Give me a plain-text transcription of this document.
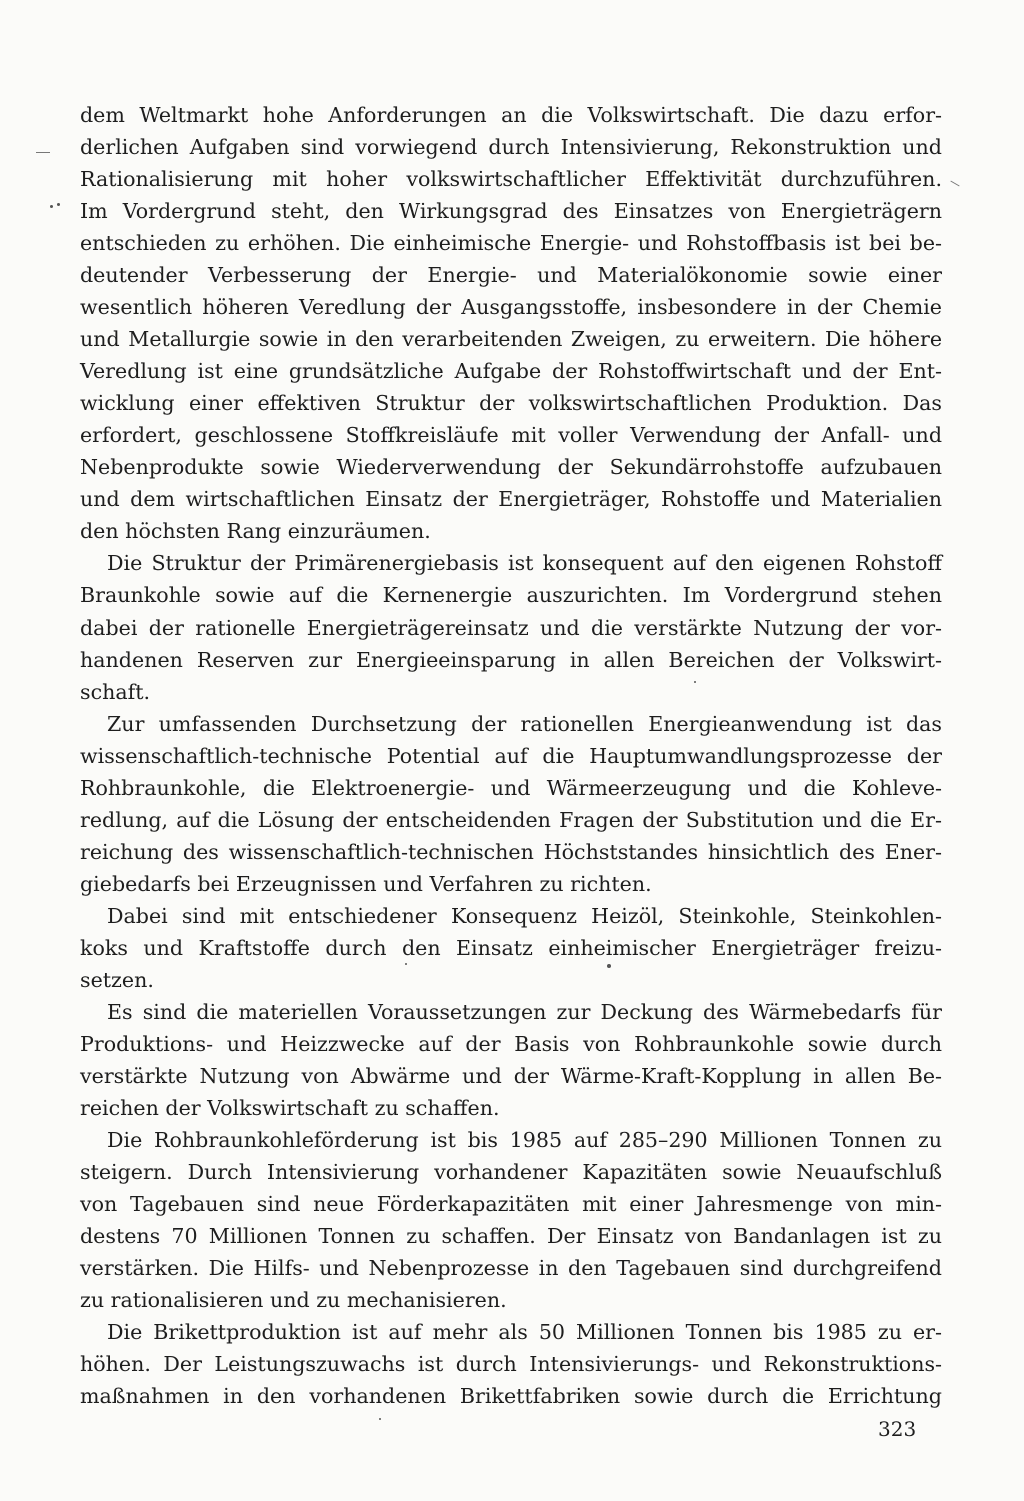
dem Weltmarkt hohe Anforderungen an die Volkswirtschaft. Die dazu erfor-
derlichen Aufgaben sind vorwiegend durch Intensivierung, Rekonstruktion und
Rationalisierung mit hoher volkswirtschaftlicher Effektivität durchzuführen.
Im Vordergrund steht, den Wirkungsgrad des Einsatzes von Energieträgern
entschieden zu erhöhen. Die einheimische Energie- und Rohstoffbasis ist bei be-
deutender Verbesserung der Energie- und Materialökonomie sowie einer
wesentlich höheren Veredlung der Ausgangsstoffe, insbesondere in der Chemie
und Metallurgie sowie in den verarbeitenden Zweigen, zu erweitern. Die höhere
Veredlung ist eine grundsätzliche Aufgabe der Rohstoffwirtschaft und der Ent-
wicklung einer effektiven Struktur der volkswirtschaftlichen Produktion. Das
erfordert, geschlossene Stoffkreisläufe mit voller Verwendung der Anfall- und
Nebenprodukte sowie Wiederverwendung der Sekundärrohstoffe aufzubauen
und dem wirtschaftlichen Einsatz der Energieträger, Rohstoffe und Materialien
den höchsten Rang einzuräumen.
Die Struktur der Primärenergiebasis ist konsequent auf den eigenen Rohstoff
Braunkohle sowie auf die Kernenergie auszurichten. Im Vordergrund stehen
dabei der rationelle Energieträgereinsatz und die verstärkte Nutzung der vor-
handenen Reserven zur Energieeinsparung in allen Bereichen der Volkswirt-
schaft.
Zur umfassenden Durchsetzung der rationellen Energieanwendung ist das
wissenschaftlich-technische Potential auf die Hauptumwandlungsprozesse der
Rohbraunkohle, die Elektroenergie- und Wärmeerzeugung und die Kohleve-
redlung, auf die Lösung der entscheidenden Fragen der Substitution und die Er-
reichung des wissenschaftlich-technischen Höchststandes hinsichtlich des Ener-
giebedarfs bei Erzeugnissen und Verfahren zu richten.
Dabei sind mit entschiedener Konsequenz Heizöl, Steinkohle, Steinkohlen-
koks und Kraftstoffe durch den Einsatz einheimischer Energieträger freizu-
setzen.
Es sind die materiellen Voraussetzungen zur Deckung des Wärmebedarfs für
Produktions- und Heizzwecke auf der Basis von Rohbraunkohle sowie durch
verstärkte Nutzung von Abwärme und der Wärme-Kraft-Kopplung in allen Be-
reichen der Volkswirtschaft zu schaffen.
Die Rohbraunkohleförderung ist bis 1985 auf 285–290 Millionen Tonnen zu
steigern. Durch Intensivierung vorhandener Kapazitäten sowie Neuaufschluß
von Tagebauen sind neue Förderkapazitäten mit einer Jahresmenge von min-
destens 70 Millionen Tonnen zu schaffen. Der Einsatz von Bandanlagen ist zu
verstärken. Die Hilfs- und Nebenprozesse in den Tagebauen sind durchgreifend
zu rationalisieren und zu mechanisieren.
Die Brikettproduktion ist auf mehr als 50 Millionen Tonnen bis 1985 zu er-
höhen. Der Leistungszuwachs ist durch Intensivierungs- und Rekonstruktions-
maßnahmen in den vorhandenen Brikettfabriken sowie durch die Errichtung
323
